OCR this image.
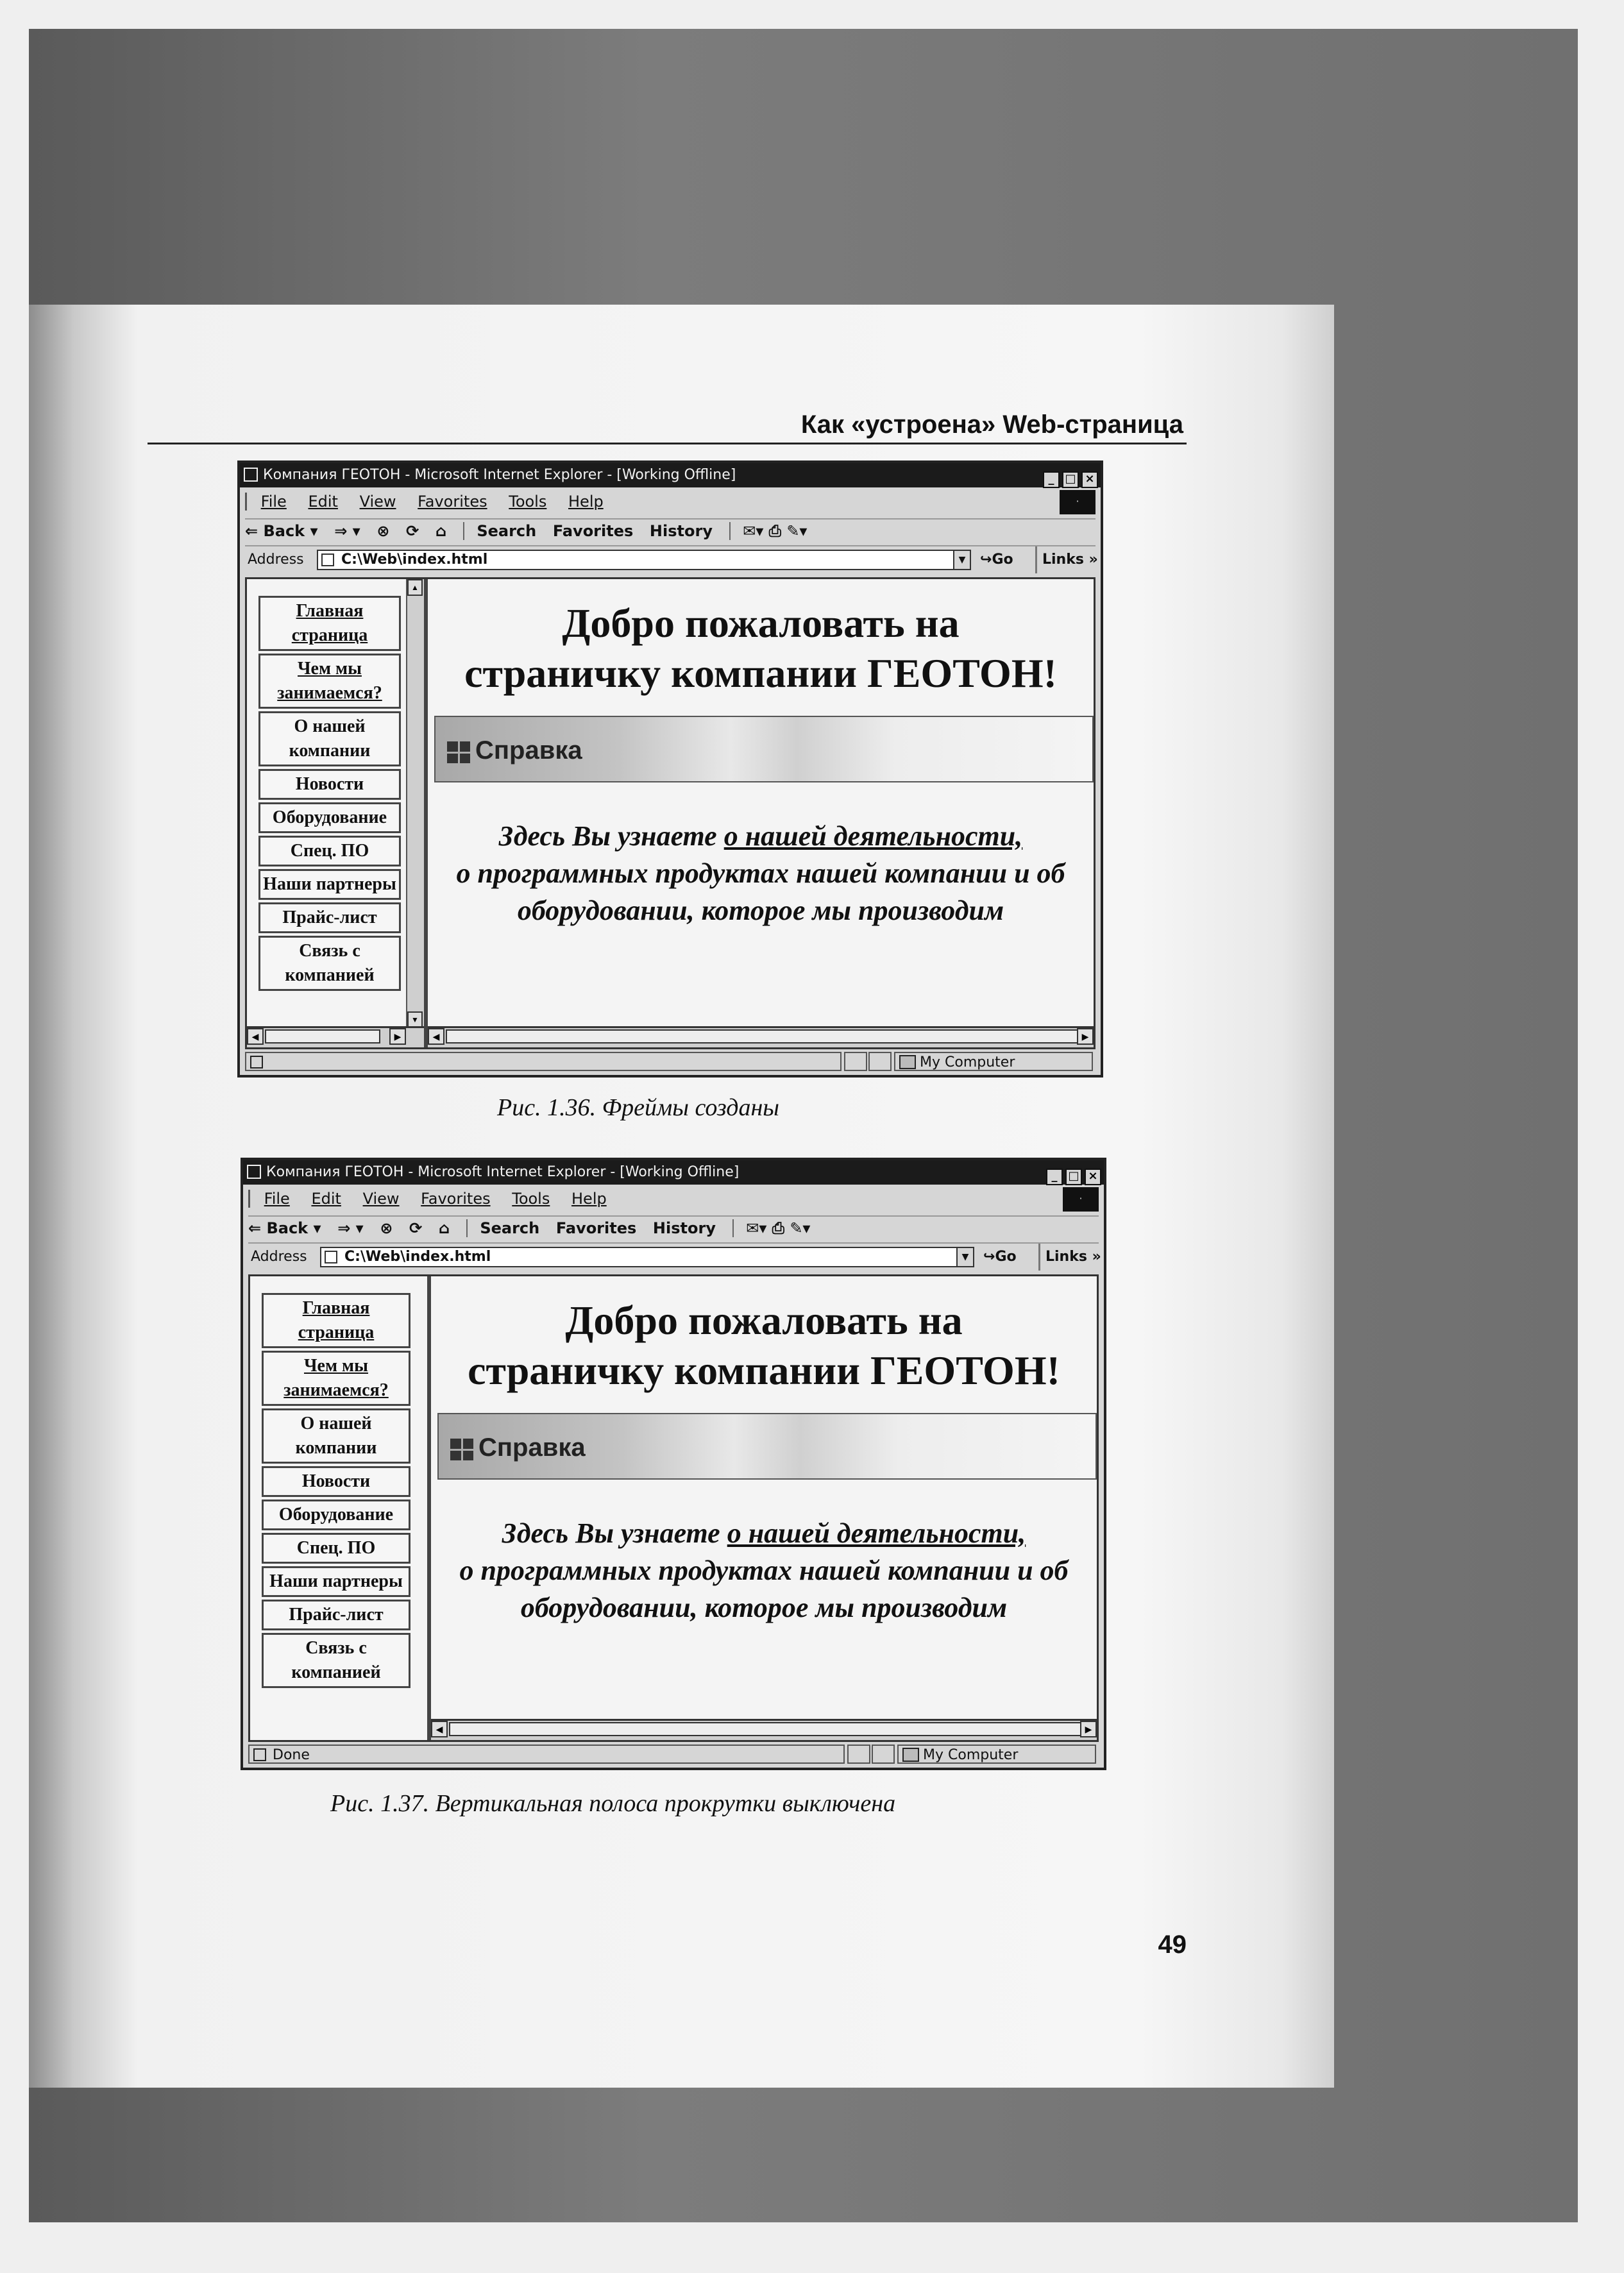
Как «устроена» Web-страница
Компания ГЕОТОН - Microsoft Internet Explorer - [Working Offline]	_ □ ×
File Edit View Favorites Tools Help	·
⇐ Back ▾ ⇒ ▾ ⊗ ⟳ ⌂ Search Favorites History ✉▾ ⎙ ✎▾
Address	C:\Web\index.html	▼	↪Go	Links »
Главная страница
Чем мы занимаемся?
О нашей компании
Новости
Оборудование
Спец. ПО
Наши партнеры
Прайс-лист
Связь с компанией
▲
▼
◀	▶
Добро пожаловать на
страничку компании ГЕОТОН!
Справка
Здесь Вы узнаете о нашей деятельности,
о программных продуктах нашей компании и об оборудовании, которое мы производим
◀	▶
My Computer
Рис. 1.36. Фреймы созданы
Компания ГЕОТОН - Microsoft Internet Explorer - [Working Offline]	_ □ ×
File Edit View Favorites Tools Help	·
⇐ Back ▾ ⇒ ▾ ⊗ ⟳ ⌂ Search Favorites History ✉▾ ⎙ ✎▾
Address	C:\Web\index.html	▼	↪Go	Links »
Главная страница
Чем мы занимаемся?
О нашей компании
Новости
Оборудование
Спец. ПО
Наши партнеры
Прайс-лист
Связь с компанией
Добро пожаловать на
страничку компании ГЕОТОН!
Справка
Здесь Вы узнаете о нашей деятельности,
о программных продуктах нашей компании и об оборудовании, которое мы производим
◀	▶
Done	My Computer
Рис. 1.37. Вертикальная полоса прокрутки выключена
49
